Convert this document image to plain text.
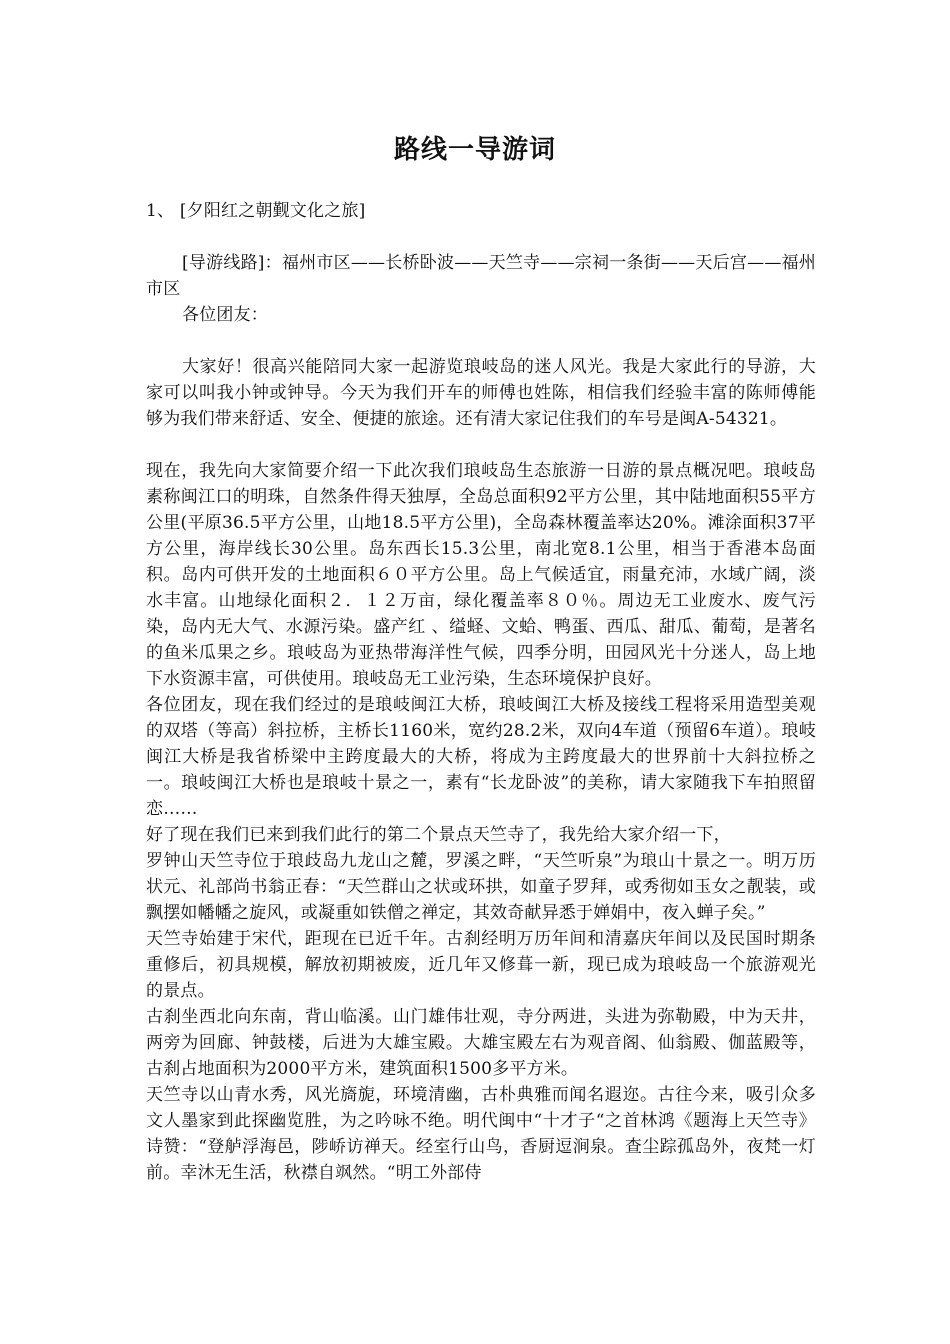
路线一导游词

1、 [夕阳红之朝觐文化之旅]

[导游线路]：福州市区——长桥卧波——天竺寺——宗祠一条街——天后宫——福州市区

各位团友：

大家好！很高兴能陪同大家一起游览琅岐岛的迷人风光。我是大家此行的导游，大家可以叫我小钟或钟导。今天为我们开车的师傅也姓陈，相信我们经验丰富的陈师傅能够为我们带来舒适、安全、便捷的旅途。还有清大家记住我们的车号是闽A-54321。

现在，我先向大家简要介绍一下此次我们琅岐岛生态旅游一日游的景点概况吧。琅岐岛素称闽江口的明珠，自然条件得天独厚，全岛总面积92平方公里，其中陆地面积55平方公里(平原36.5平方公里，山地18.5平方公里)，全岛森林覆盖率达20%。滩涂面积37平方公里，海岸线长30公里。岛东西长15.3公里，南北宽8.1公里，相当于香港本岛面积。岛内可供开发的土地面积６０平方公里。岛上气候适宜，雨量充沛，水域广阔，淡水丰富。山地绿化面积２．１２万亩，绿化覆盖率８０％。周边无工业废水、废气污染，岛内无大气、水源污染。盛产红 、缢蛏、文蛤、鸭蛋、西瓜、甜瓜、葡萄，是著名的鱼米瓜果之乡。琅岐岛为亚热带海洋性气候，四季分明，田园风光十分迷人，岛上地下水资源丰富，可供使用。琅岐岛无工业污染，生态环境保护良好。

各位团友，现在我们经过的是琅岐闽江大桥，琅岐闽江大桥及接线工程将采用造型美观的双塔（等高）斜拉桥，主桥长1160米，宽约28.2米，双向4车道（预留6车道）。琅岐闽江大桥是我省桥梁中主跨度最大的大桥，将成为主跨度最大的世界前十大斜拉桥之一。琅岐闽江大桥也是琅岐十景之一，素有“长龙卧波”的美称，请大家随我下车拍照留恋……

好了现在我们已来到我们此行的第二个景点天竺寺了，我先给大家介绍一下，

罗钟山天竺寺位于琅歧岛九龙山之麓，罗溪之畔，“天竺听泉”为琅山十景之一。明万历状元、礼部尚书翁正春：“天竺群山之状或环拱，如童子罗拜，或秀彻如玉女之靓装，或飘摆如幡幡之旋风，或凝重如铁僧之禅定，其效奇献异悉于婵娟中，夜入蝉子矣。”

天竺寺始建于宋代，距现在已近千年。古刹经明万历年间和清嘉庆年间以及民国时期条重修后，初具规模，解放初期被废，近几年又修葺一新，现已成为琅岐岛一个旅游观光的景点。

古刹坐西北向东南，背山临溪。山门雄伟壮观，寺分两进，头进为弥勒殿，中为天井，两旁为回廊、钟鼓楼，后进为大雄宝殿。大雄宝殿左右为观音阁、仙翁殿、伽蓝殿等，古刹占地面积为2000平方米，建筑面积1500多平方米。

天竺寺以山青水秀，风光旖旎，环境清幽，古朴典雅而闻名遐迩。古往今来，吸引众多文人墨家到此探幽览胜，为之吟咏不绝。明代闽中“十才子“之首林鸿《题海上天竺寺》诗赞：“登舻浮海邑，陟峤访禅天。经室行山鸟，香厨逗涧泉。查尘踪孤岛外，夜梵一灯前。幸沐无生活，秋襟自飒然。“明工外部侍
